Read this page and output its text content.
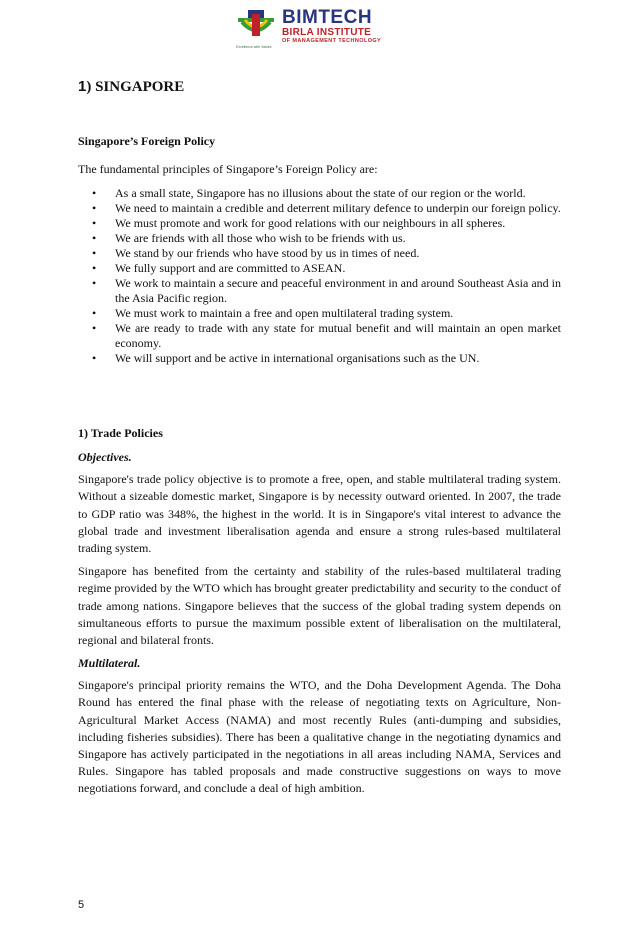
Excellence with Values
BIMTECH
BIRLA INSTITUTE
OF MANAGEMENT TECHNOLOGY
1) SINGAPORE
Singapore’s Foreign Policy

The fundamental principles of Singapore’s Foreign Policy are:

• As a small state, Singapore has no illusions about the state of our region or the world.
• We need to maintain a credible and deterrent military defence to underpin our foreign policy.
• We must promote and work for good relations with our neighbours in all spheres.
• We are friends with all those who wish to be friends with us.
• We stand by our friends who have stood by us in times of need.
• We fully support and are committed to ASEAN.
• We work to maintain a secure and peaceful environment in and around Southeast Asia and in the Asia Pacific region.
• We must work to maintain a free and open multilateral trading system.
• We are ready to trade with any state for mutual benefit and will maintain an open market economy.
• We will support and be active in international organisations such as the UN.
1) Trade Policies
Objectives.

Singapore's trade policy objective is to promote a free, open, and stable multilateral trading system. Without a sizeable domestic market, Singapore is by necessity outward oriented. In 2007, the trade to GDP ratio was 348%, the highest in the world. It is in Singapore's vital interest to advance the global trade and investment liberalisation agenda and ensure a strong rules-based multilateral trading system.

Singapore has benefited from the certainty and stability of the rules-based multilateral trading regime provided by the WTO which has brought greater predictability and security to the conduct of trade among nations. Singapore believes that the success of the global trading system depends on simultaneous efforts to pursue the maximum possible extent of liberalisation on the multilateral, regional and bilateral fronts.

Multilateral.

Singapore's principal priority remains the WTO, and the Doha Development Agenda. The Doha Round has entered the final phase with the release of negotiating texts on Agriculture, Non-Agricultural Market Access (NAMA) and most recently Rules (anti-dumping and subsidies, including fisheries subsidies). There has been a qualitative change in the negotiating dynamics and Singapore has actively participated in the negotiations in all areas including NAMA, Services and Rules. Singapore has tabled proposals and made constructive suggestions on ways to move negotiations forward, and conclude a deal of high ambition.

5
